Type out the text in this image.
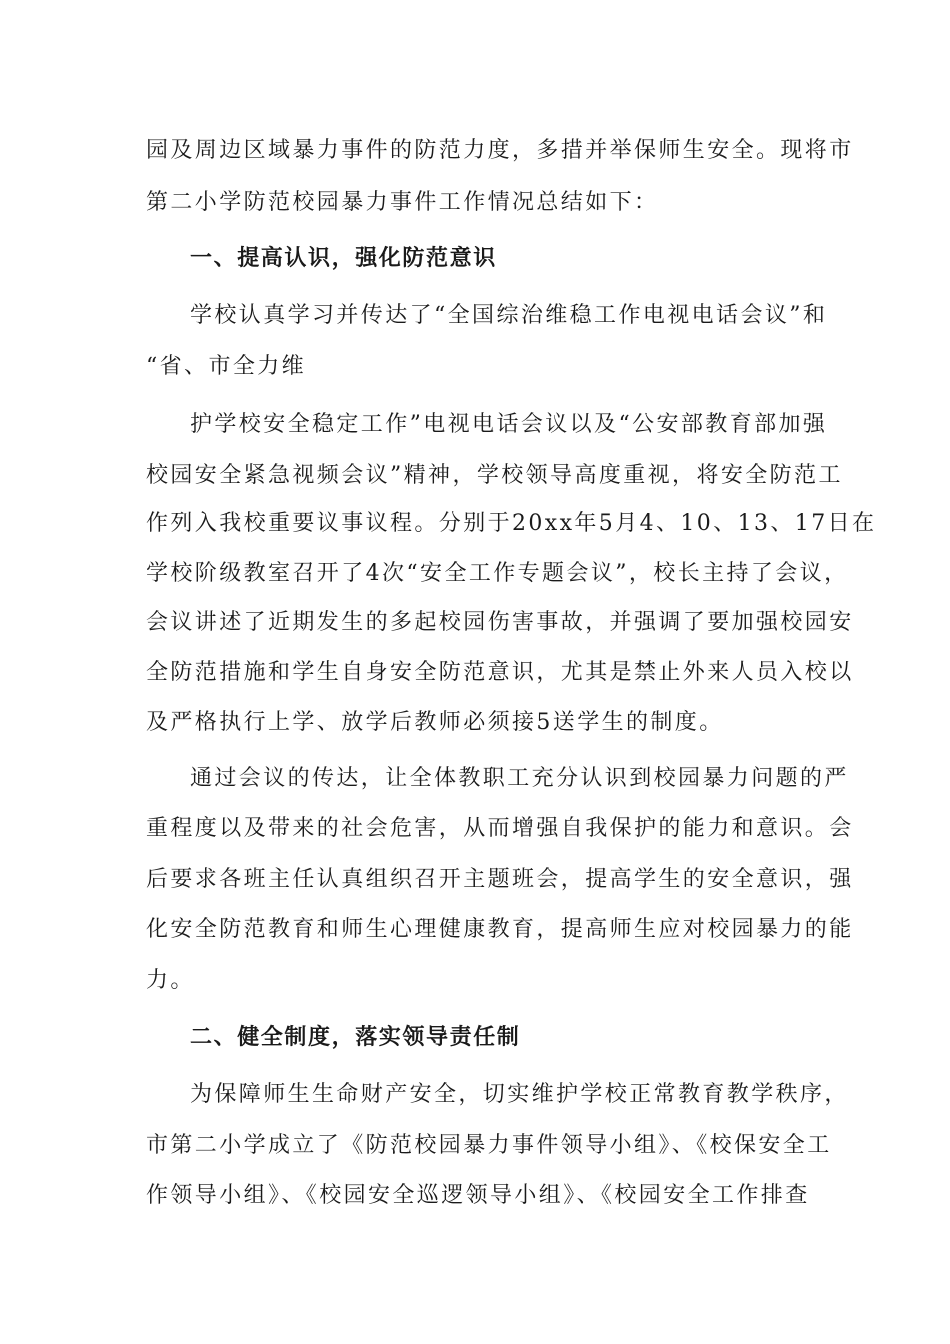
园及周边区域暴力事件的防范力度，多措并举保师生安全。现将市
第二小学防范校园暴力事件工作情况总结如下：
一、提高认识，强化防范意识
学校认真学习并传达了“全国综治维稳工作电视电话会议”和
“省、市全力维
护学校安全稳定工作”电视电话会议以及“公安部教育部加强
校园安全紧急视频会议”精神，学校领导高度重视，将安全防范工
作列入我校重要议事议程。分别于20xx年5月4、10、13、17日在
学校阶级教室召开了4次“安全工作专题会议”，校长主持了会议，
会议讲述了近期发生的多起校园伤害事故，并强调了要加强校园安
全防范措施和学生自身安全防范意识，尤其是禁止外来人员入校以
及严格执行上学、放学后教师必须接5送学生的制度。
通过会议的传达，让全体教职工充分认识到校园暴力问题的严
重程度以及带来的社会危害，从而增强自我保护的能力和意识。会
后要求各班主任认真组织召开主题班会，提高学生的安全意识，强
化安全防范教育和师生心理健康教育，提高师生应对校园暴力的能
力。
二、健全制度，落实领导责任制
为保障师生生命财产安全，切实维护学校正常教育教学秩序，
市第二小学成立了《防范校园暴力事件领导小组》、《校保安全工
作领导小组》、《校园安全巡逻领导小组》、《校园安全工作排查
